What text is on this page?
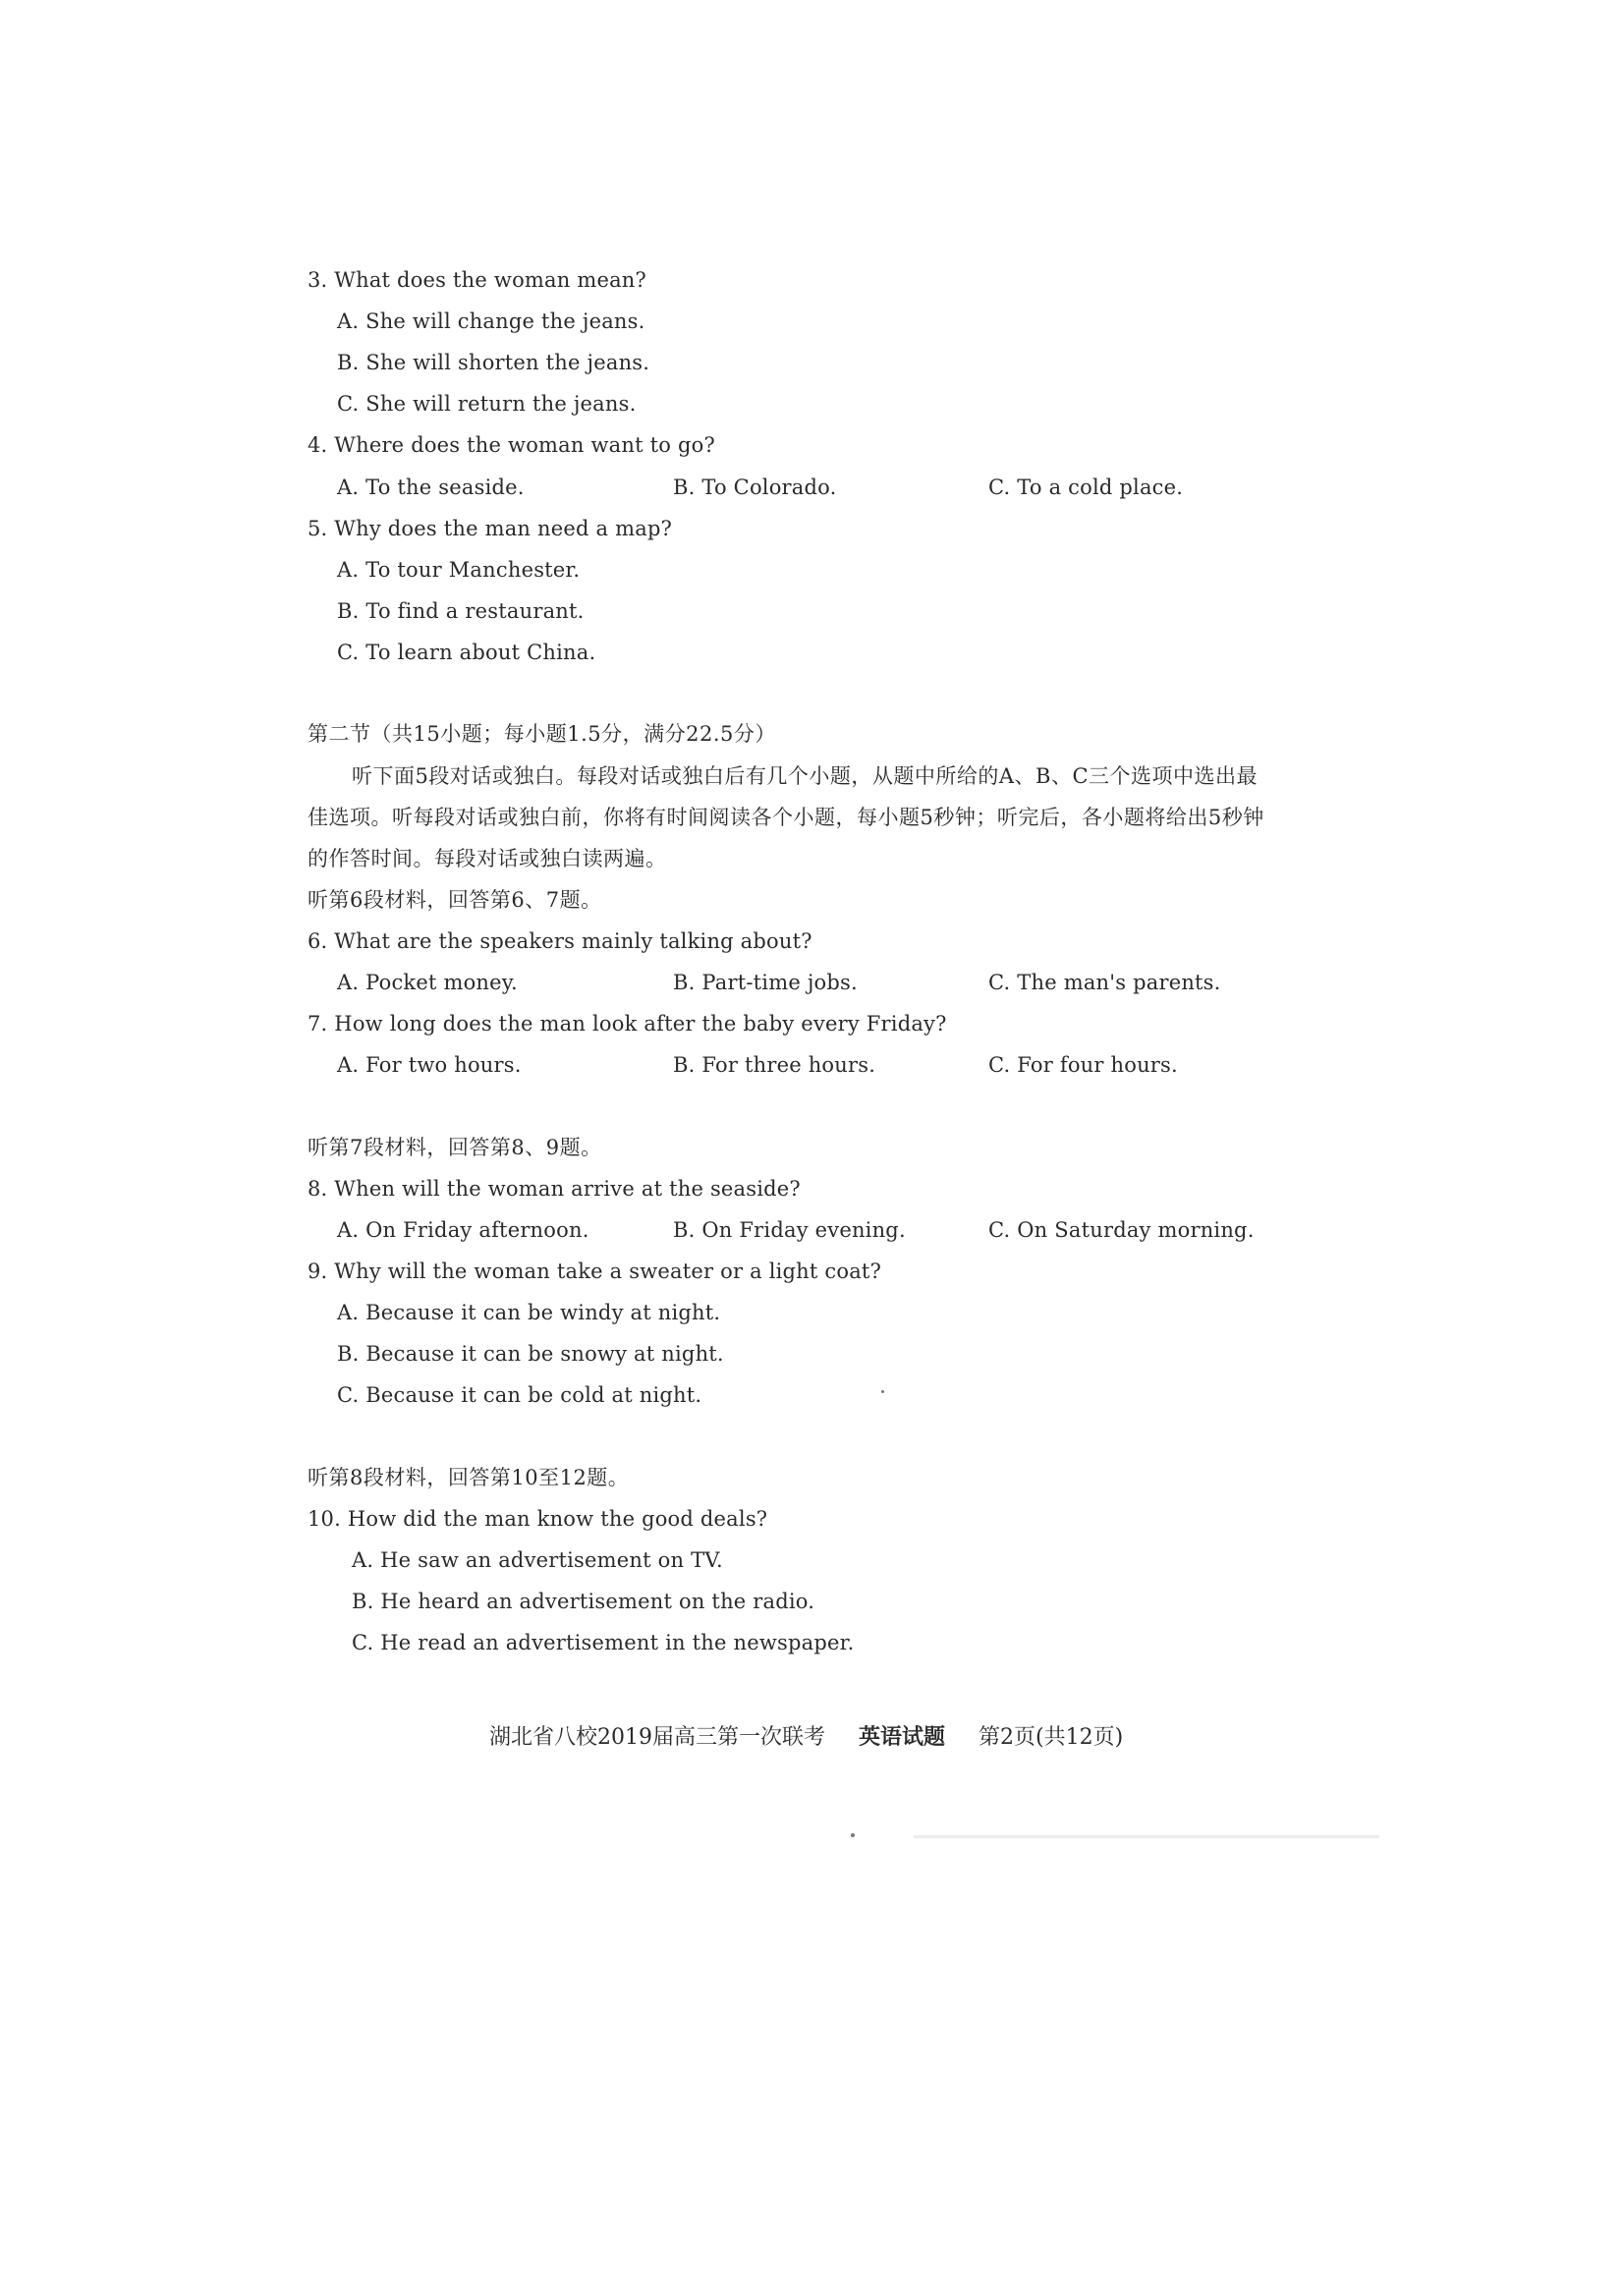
3. What does the woman mean?
A. She will change the jeans.
B. She will shorten the jeans.
C. She will return the jeans.
4. Where does the woman want to go?
A. To the seaside.	B. To Colorado.	C. To a cold place.
5. Why does the man need a map?
A. To tour Manchester.
B. To find a restaurant.
C. To learn about China.
第二节（共15小题；每小题1.5分，满分22.5分）
听下面5段对话或独白。每段对话或独白后有几个小题，从题中所给的A、B、C三个选项中选出最
佳选项。听每段对话或独白前，你将有时间阅读各个小题，每小题5秒钟；听完后，各小题将给出5秒钟
的作答时间。每段对话或独白读两遍。
听第6段材料，回答第6、7题。
6. What are the speakers mainly talking about?
A. Pocket money.	B. Part-time jobs.	C. The man's parents.
7. How long does the man look after the baby every Friday?
A. For two hours.	B. For three hours.	C. For four hours.
听第7段材料，回答第8、9题。
8. When will the woman arrive at the seaside?
A. On Friday afternoon.	B. On Friday evening.	C. On Saturday morning.
9. Why will the woman take a sweater or a light coat?
A. Because it can be windy at night.
B. Because it can be snowy at night.
C. Because it can be cold at night.
听第8段材料，回答第10至12题。
10. How did the man know the good deals?
A. He saw an advertisement on TV.
B. He heard an advertisement on the radio.
C. He read an advertisement in the newspaper.
湖北省八校2019届高三第一次联考 英语试题 第2页(共12页)
